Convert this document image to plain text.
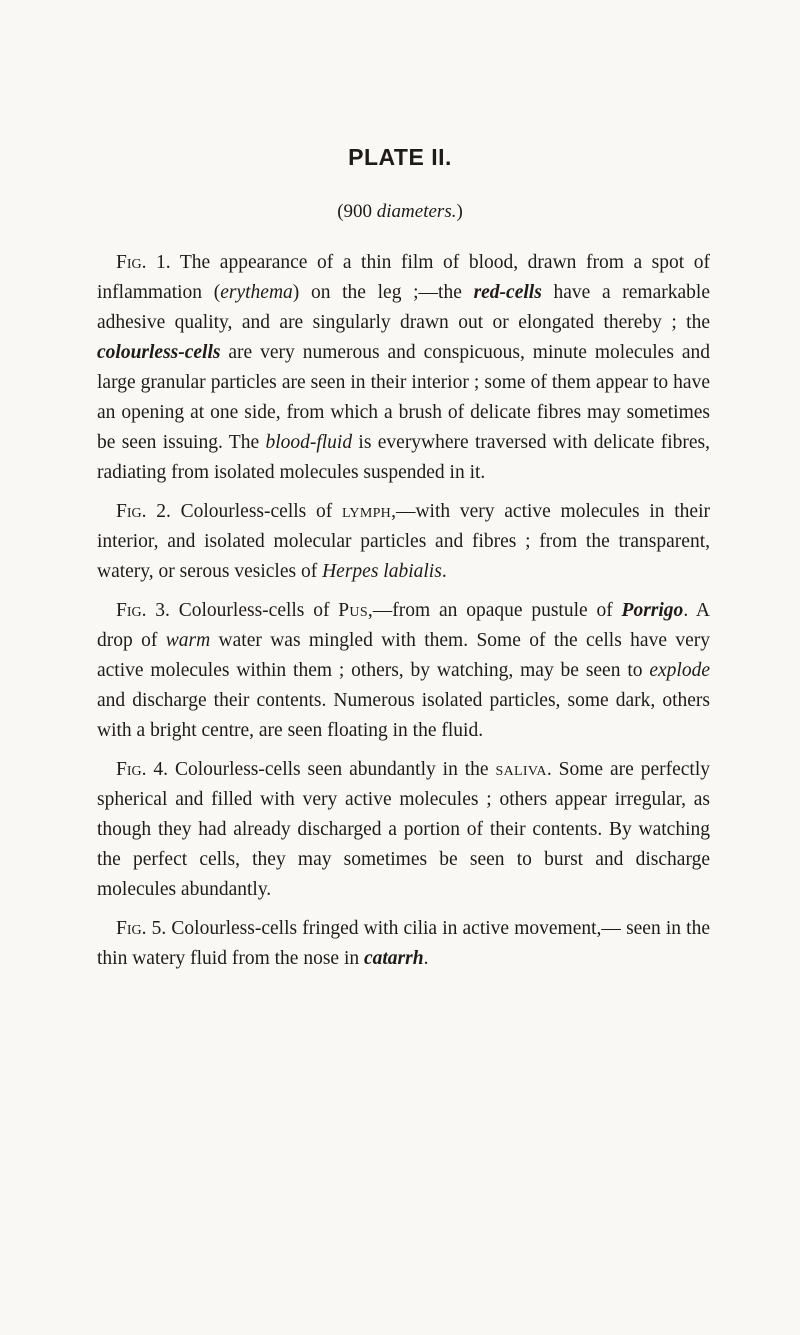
PLATE II.

(900 diameters.)

Fig. 1. The appearance of a thin film of blood, drawn from a spot of inflammation (erythema) on the leg ;—the red-cells have a remarkable adhesive quality, and are singularly drawn out or elongated thereby ; the colourless-cells are very numerous and conspicuous, minute molecules and large granular particles are seen in their interior ; some of them appear to have an opening at one side, from which a brush of delicate fibres may sometimes be seen issuing. The blood-fluid is everywhere traversed with delicate fibres, radiating from isolated molecules suspended in it.

Fig. 2. Colourless-cells of lymph,—with very active molecules in their interior, and isolated molecular particles and fibres ; from the transparent, watery, or serous vesicles of Herpes labialis.

Fig. 3. Colourless-cells of Pus,—from an opaque pustule of Porrigo. A drop of warm water was mingled with them. Some of the cells have very active molecules within them ; others, by watching, may be seen to explode and discharge their contents. Numerous isolated particles, some dark, others with a bright centre, are seen floating in the fluid.

Fig. 4. Colourless-cells seen abundantly in the saliva. Some are perfectly spherical and filled with very active molecules ; others appear irregular, as though they had already discharged a portion of their contents. By watching the perfect cells, they may sometimes be seen to burst and discharge molecules abundantly.

Fig. 5. Colourless-cells fringed with cilia in active movement,— seen in the thin watery fluid from the nose in catarrh.
